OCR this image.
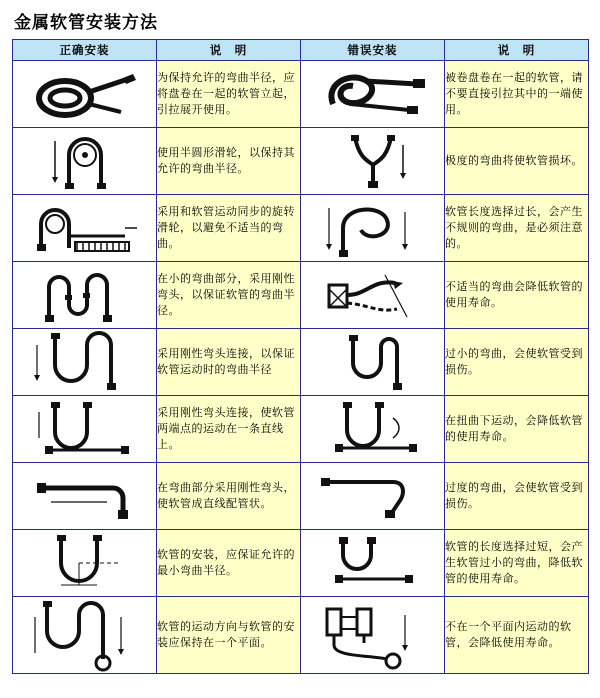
金属软管安装方法
正确安装	说　明	错误安装	说　明

	为保持允许的弯曲半径，应将盘卷在一起的软管立起，引拉展开使用。		被卷盘卷在一起的软管，请不要直接引拉其中的一端使用。

	使用半圆形滑轮，以保持其允许的弯曲半径。		极度的弯曲将使软管损坏。

	采用和软管运动同步的旋转滑轮，以避免不适当的弯曲。		软管长度选择过长，会产生不规则的弯曲，是必须注意的。

	在小的弯曲部分，采用刚性弯头，以保证软管的弯曲半径。		不适当的弯曲会降低软管的使用寿命。

	采用刚性弯头连接，以保证软管运动时的弯曲半径		过小的弯曲，会使软管受到损伤。

	采用刚性弯头连接，使软管两端点的运动在一条直线上。		在扭曲下运动，会降低软管的使用寿命。

	在弯曲部分采用刚性弯头，使软管成直线配管状。		过度的弯曲，会使软管受到损伤。

	软管的安装，应保证允许的最小弯曲半径。		软管的长度选择过短，会产生软管过小的弯曲，降低软管的使用寿命。

	软管的运动方向与软管的安装应保持在一个平面。		不在一个平面内运动的软管，会降低使用寿命。
